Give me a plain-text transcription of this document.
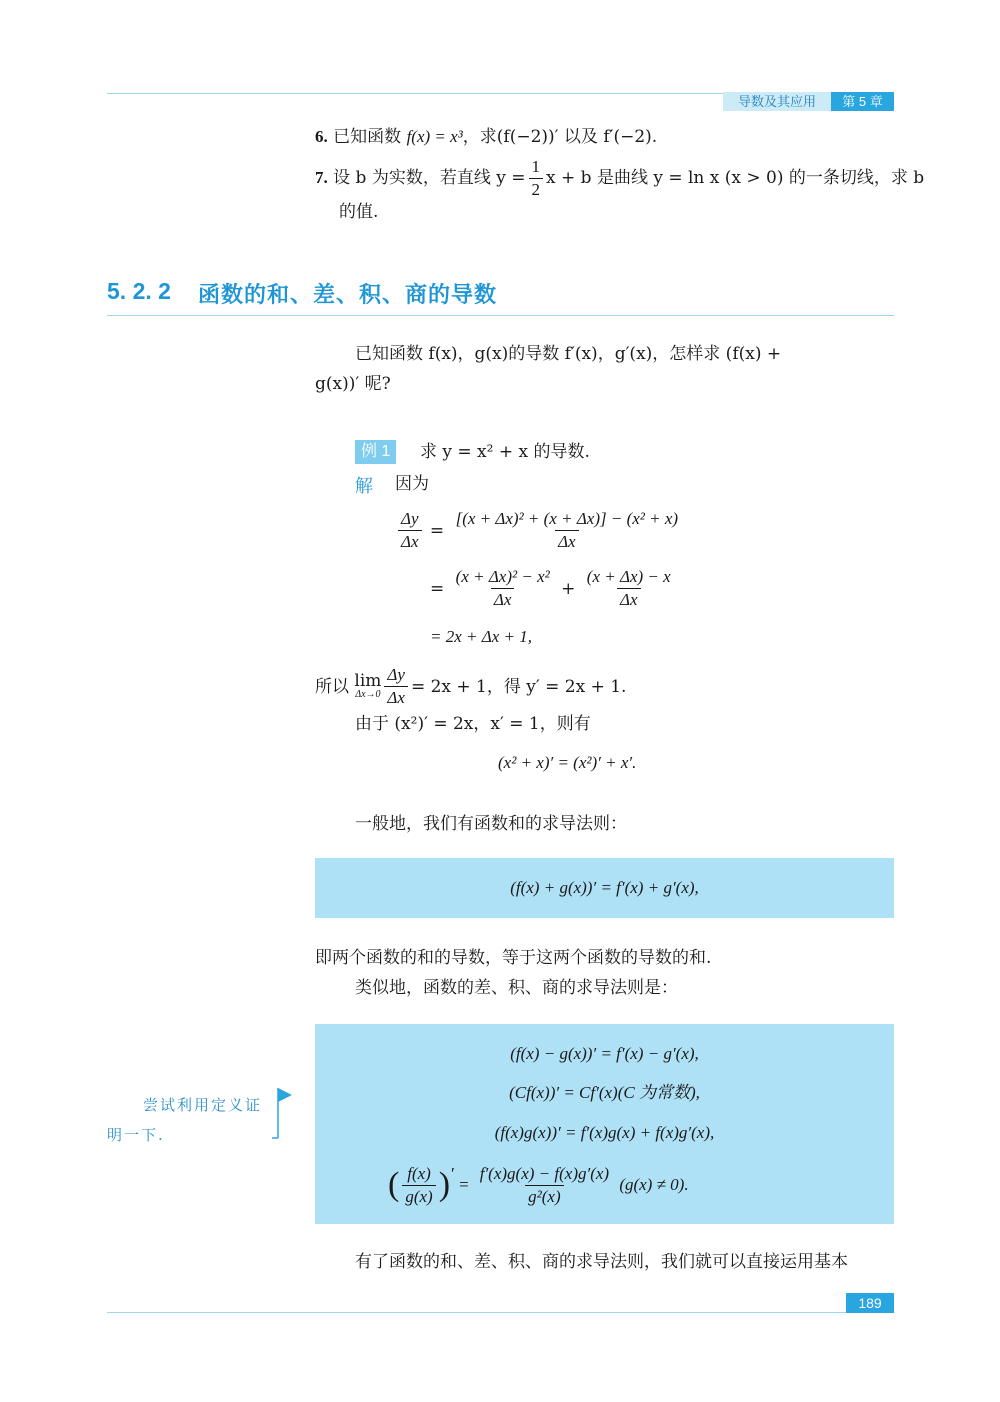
导数及其应用	第 5 章
6. 已知函数 f(x) = x³，求(f(−2))′ 以及 f′(−2).
7.
设 b 为实数，若直线 $y = \frac{1}{2}$ x + b 是曲线 y = ln x (x > 0) 的一条切线，求 b
的值.
5. 2. 2 函数的和、差、积、商的导数
已知函数 f(x)，g(x)的导数 f′(x)，g′(x)，怎样求 (f(x) +
g(x))′ 呢?
例 1	求 y = x² + x 的导数.
解 因为
$\frac{\Delta y}{\Delta x} = \frac{\text{[(x + Δx)² + (x + Δx)] − (x² + x)}}{\Delta x}$
= $\frac{\text{(x + Δx)² − x²}}{\Delta x} + \frac{(x + \Delta x) - x}{\Delta x}$
= 2x + Δx + 1,
所以
lim
$\Delta x\to 0 \frac{\Delta y}{\Delta x} = 2x + 1$，得 y′ = 2x + 1.
由于 (x²)′ = 2x，x′ = 1，则有
(x² + x)′ = (x²)′ + x′.
一般地，我们有函数和的求导法则：
(f(x) + g(x))′ = f′(x) + g′(x),
即两个函数的和的导数，等于这两个函数的导数的和.
类似地，函数的差、积、商的求导法则是：
(f(x) − g(x))′ = f′(x) − g′(x),
(Cf(x))′ = Cf′(x)(C 为常数),
(f(x)g(x))′ = f′(x)g(x) + f(x)g′(x),
( $\frac{f(x)}{g(x)}$ ) ′
= $\frac{f'(x)g(x) - f(x)g'(x)}{\text{g²(x)}}$
(g(x) ≠ 0).
尝试利用定义证
明一下.
有了函数的和、差、积、商的求导法则，我们就可以直接运用基本
189
